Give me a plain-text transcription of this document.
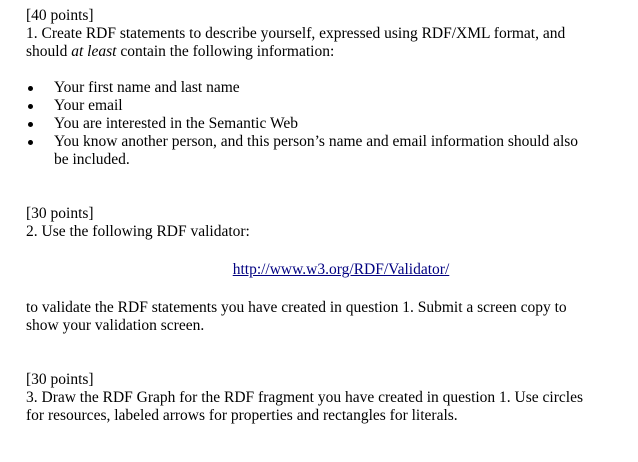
[40 points]
1. Create RDF statements to describe yourself, expressed using RDF/XML format, and
should at least contain the following information:
Your first name and last name
Your email
You are interested in the Semantic Web
You know another person, and this person’s name and email information should also be included.
[30 points]
2. Use the following RDF validator:
http://www.w3.org/RDF/Validator/
to validate the RDF statements you have created in question 1. Submit a screen copy to
show your validation screen.
[30 points]
3. Draw the RDF Graph for the RDF fragment you have created in question 1. Use circles
for resources, labeled arrows for properties and rectangles for literals.
